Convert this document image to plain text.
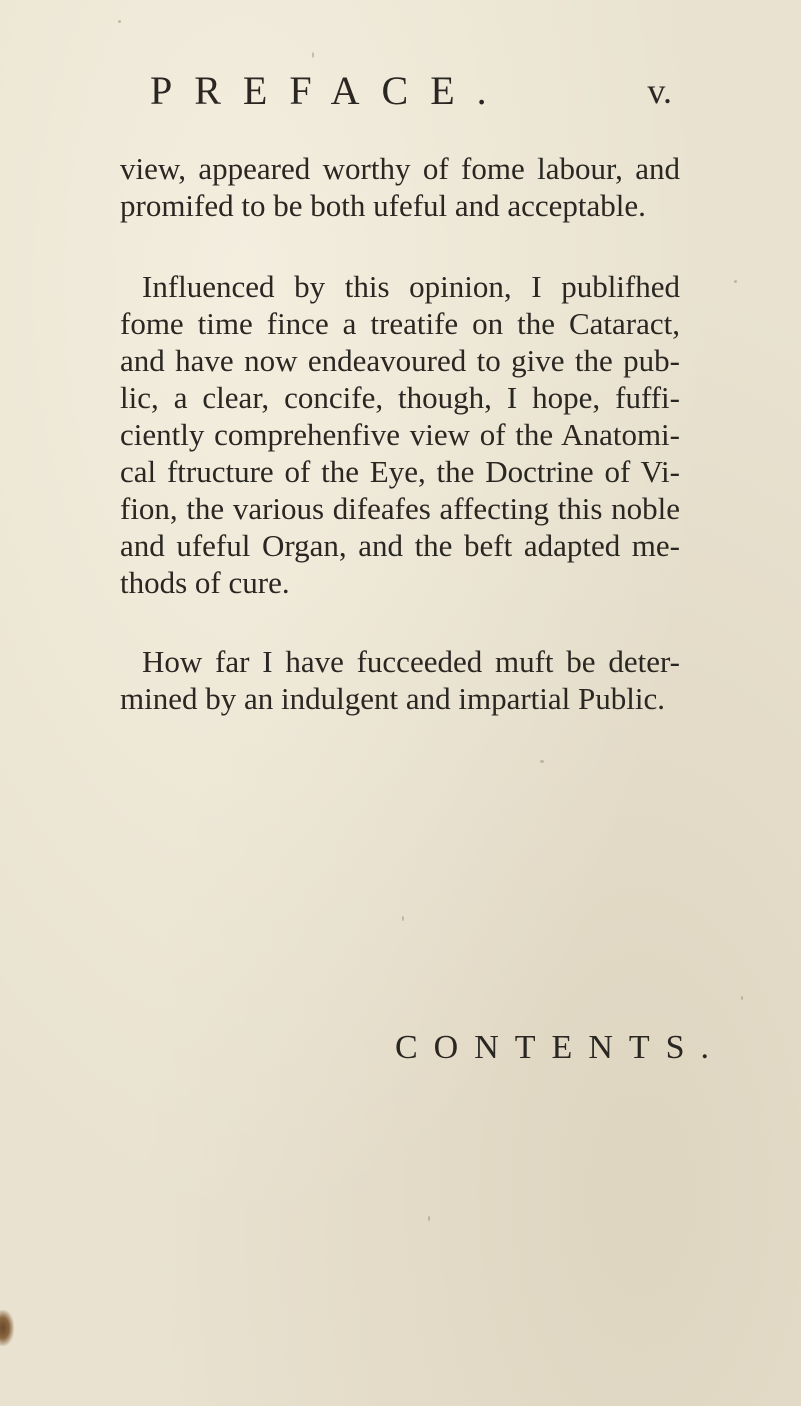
PREFACE.	v.

view, appeared worthy of fome labour, and
promifed to be both ufeful and acceptable.

Influenced by this opinion, I publifhed
fome time fince a treatife on the Cataract,
and have now endeavoured to give the pub-
lic, a clear, concife, though, I hope, fuffi-
ciently comprehenfive view of the Anatomi-
cal ftructure of the Eye, the Doctrine of Vi-
fion, the various difeafes affecting this noble
and ufeful Organ, and the beft adapted me-
thods of cure.

How far I have fucceeded muft be deter-
mined by an indulgent and impartial Public.

CONTENTS.
